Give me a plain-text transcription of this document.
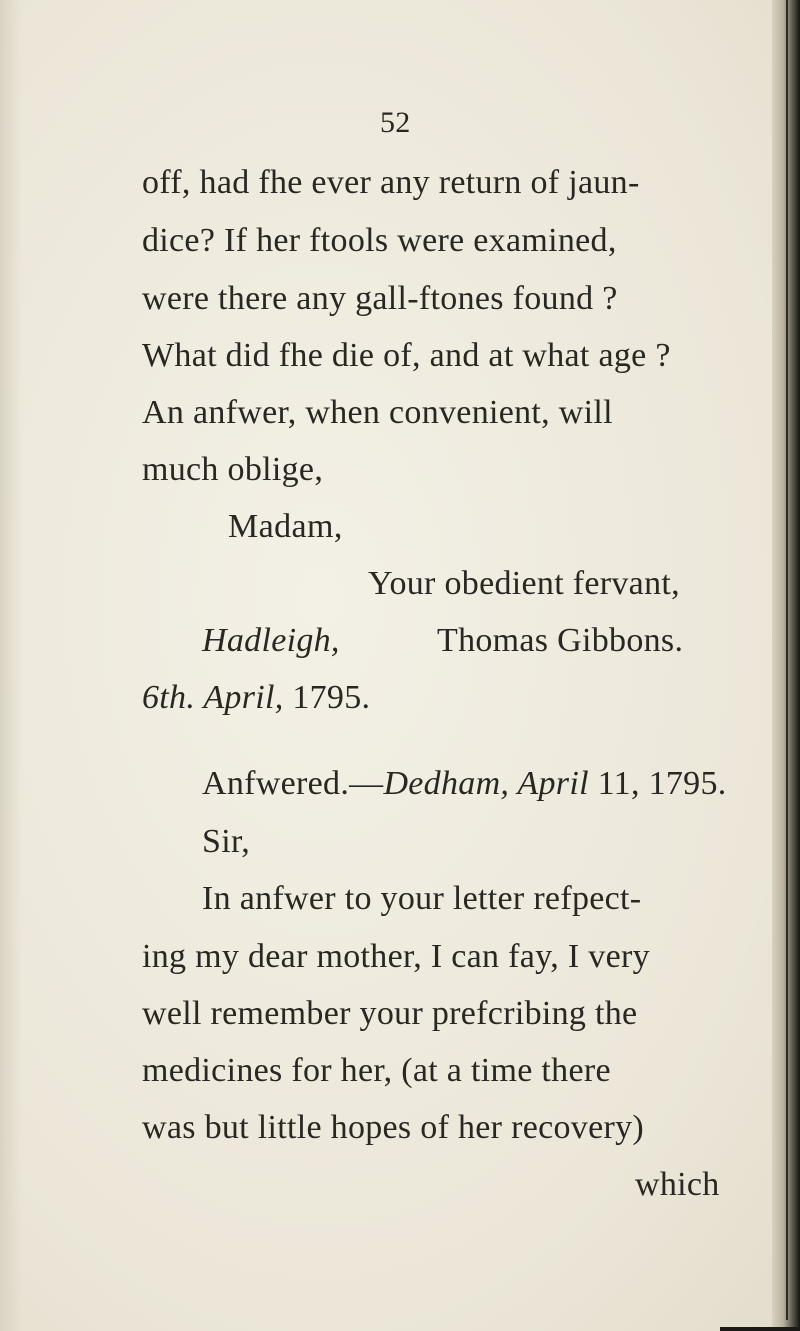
52
off, had fhe ever any return of jaun-
dice? If her ftools were examined,
were there any gall-ftones found ?
What did fhe die of, and at what age ?
An anfwer, when convenient, will
much oblige,
Madam,
Your obedient fervant,
Hadleigh,	Thomas Gibbons.
6th. April, 1795.
Anfwered.—Dedham, April 11, 1795.
Sir,
In anfwer to your letter refpect-
ing my dear mother, I can fay, I very
well remember your prefcribing the
medicines for her, (at a time there
was but little hopes of her recovery)
which
